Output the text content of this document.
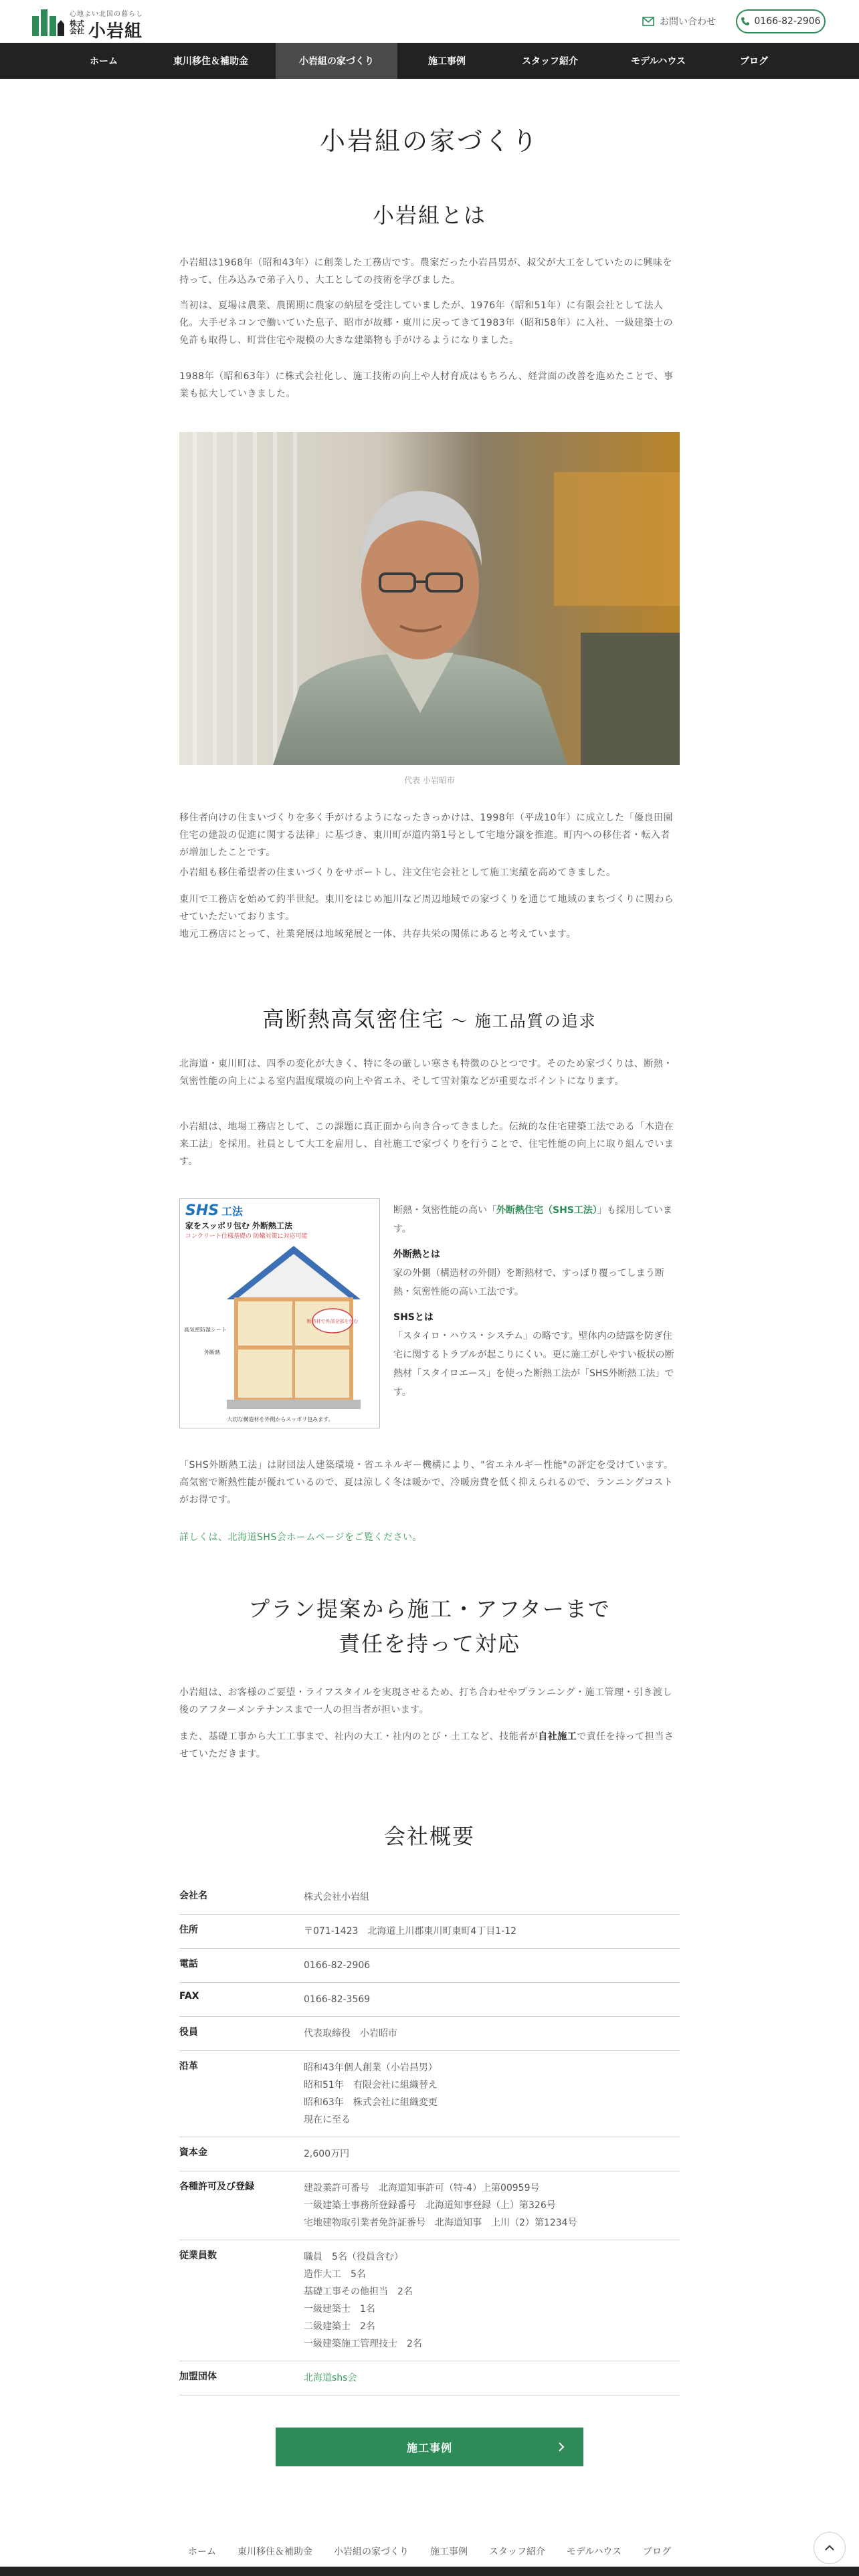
心地よい北国の暮らし
株式会社 小岩組	お問い合わせ	0166-82-2906
ホーム	東川移住＆補助金	小岩組の家づくり	施工事例	スタッフ紹介	モデルハウス	ブログ
小岩組の家づくり
小岩組とは

小岩組は1968年（昭和43年）に創業した工務店です。農家だった小岩昌男が、叔父が大工をしていたのに興味を持って、住み込みで弟子入り、大工としての技術を学びました。

当初は、夏場は農業、農閑期に農家の納屋を受注していましたが、1976年（昭和51年）に有限会社として法人化。大手ゼネコンで働いていた息子、昭市が故郷・東川に戻ってきて1983年（昭和58年）に入社、一級建築士の免許も取得し、町営住宅や規模の大きな建築物も手がけるようになりました。

1988年（昭和63年）に株式会社化し、施工技術の向上や人材育成はもちろん、経営面の改善を進めたことで、事業も拡大していきました。

代表 小岩昭市

移住者向けの住まいづくりを多く手がけるようになったきっかけは、1998年（平成10年）に成立した「優良田園住宅の建設の促進に関する法律」に基づき、東川町が道内第1号として宅地分譲を推進。町内への移住者・転入者が増加したことです。

小岩組も移住希望者の住まいづくりをサポートし、注文住宅会社として施工実績を高めてきました。

東川で工務店を始めて約半世紀。東川をはじめ旭川など周辺地域での家づくりを通じて地域のまちづくりに関わらせていただいております。

地元工務店にとって、社業発展は地域発展と一体、共存共栄の関係にあると考えています。

高断熱高気密住宅 ～ 施工品質の追求

北海道・東川町は、四季の変化が大きく、特に冬の厳しい寒さも特徴のひとつです。そのため家づくりは、断熱・気密性能の向上による室内温度環境の向上や省エネ、そして雪対策などが重要なポイントになります。

小岩組は、地場工務店として、この課題に真正面から向き合ってきました。伝統的な住宅建築工法である「木造在来工法」を採用。社員として大工を雇用し、自社施工で家づくりを行うことで、住宅性能の向上に取り組んでいます。

SHS 工法
家をスッポリ包む 外断熱工法
コンクリート仕様基礎の 防蟻対策に対応可能
断熱材で外部全部を包む
高気密防湿シート
外断熱
大切な構造材を外側からスッポリ包みます。

断熱・気密性能の高い「外断熱住宅（SHS工法）」も採用しています。

外断熱とは

家の外側（構造材の外側）を断熱材で、すっぽり覆ってしまう断熱・気密性能の高い工法です。

SHSとは

「スタイロ・ハウス・システム」の略です。壁体内の結露を防ぎ住宅に関するトラブルが起こりにくい。更に施工がしやすい板状の断熱材「スタイロエース」を使った断熱工法が「SHS外断熱工法」です。

「SHS外断熱工法」は財団法人建築環境・省エネルギー機構により、"省エネルギー性能"の評定を受けています。高気密で断熱性能が優れているので、夏は涼しく冬は暖かで、冷暖房費を低く抑えられるので、ランニングコストがお得です。

詳しくは、北海道SHS会ホームページをご覧ください。

プラン提案から施工・アフターまで
責任を持って対応

小岩組は、お客様のご要望・ライフスタイルを実現させるため、打ち合わせやプランニング・施工管理・引き渡し後のアフターメンテナンスまで一人の担当者が担います。

また、基礎工事から大工工事まで、社内の大工・社内のとび・土工など、技能者が自社施工で責任を持って担当させていただきます。

会社概要
会社名	株式会社小岩組
住所	〒071-1423　北海道上川郡東川町東町4丁目1-12
電話	0166-82-2906
FAX	0166-82-3569
役員	代表取締役　小岩昭市
沿革	昭和43年個人創業（小岩昌男）
昭和51年　有限会社に組織替え
昭和63年　株式会社に組織変更
現在に至る
資本金	2,600万円
各種許可及び登録	建設業許可番号　北海道知事許可（特-4）上第00959号
一級建築士事務所登録番号　北海道知事登録（上）第326号
宅地建物取引業者免許証番号　北海道知事　上川（2）第1234号
従業員数	職員　5名（役員含む）
造作大工　5名
基礎工事その他担当　2名
一級建築士　1名
二級建築士　2名
一級建築施工管理技士　2名
加盟団体	北海道shs会
施工事例
ホーム 東川移住＆補助金 小岩組の家づくり 施工事例 スタッフ紹介 モデルハウス ブログ
